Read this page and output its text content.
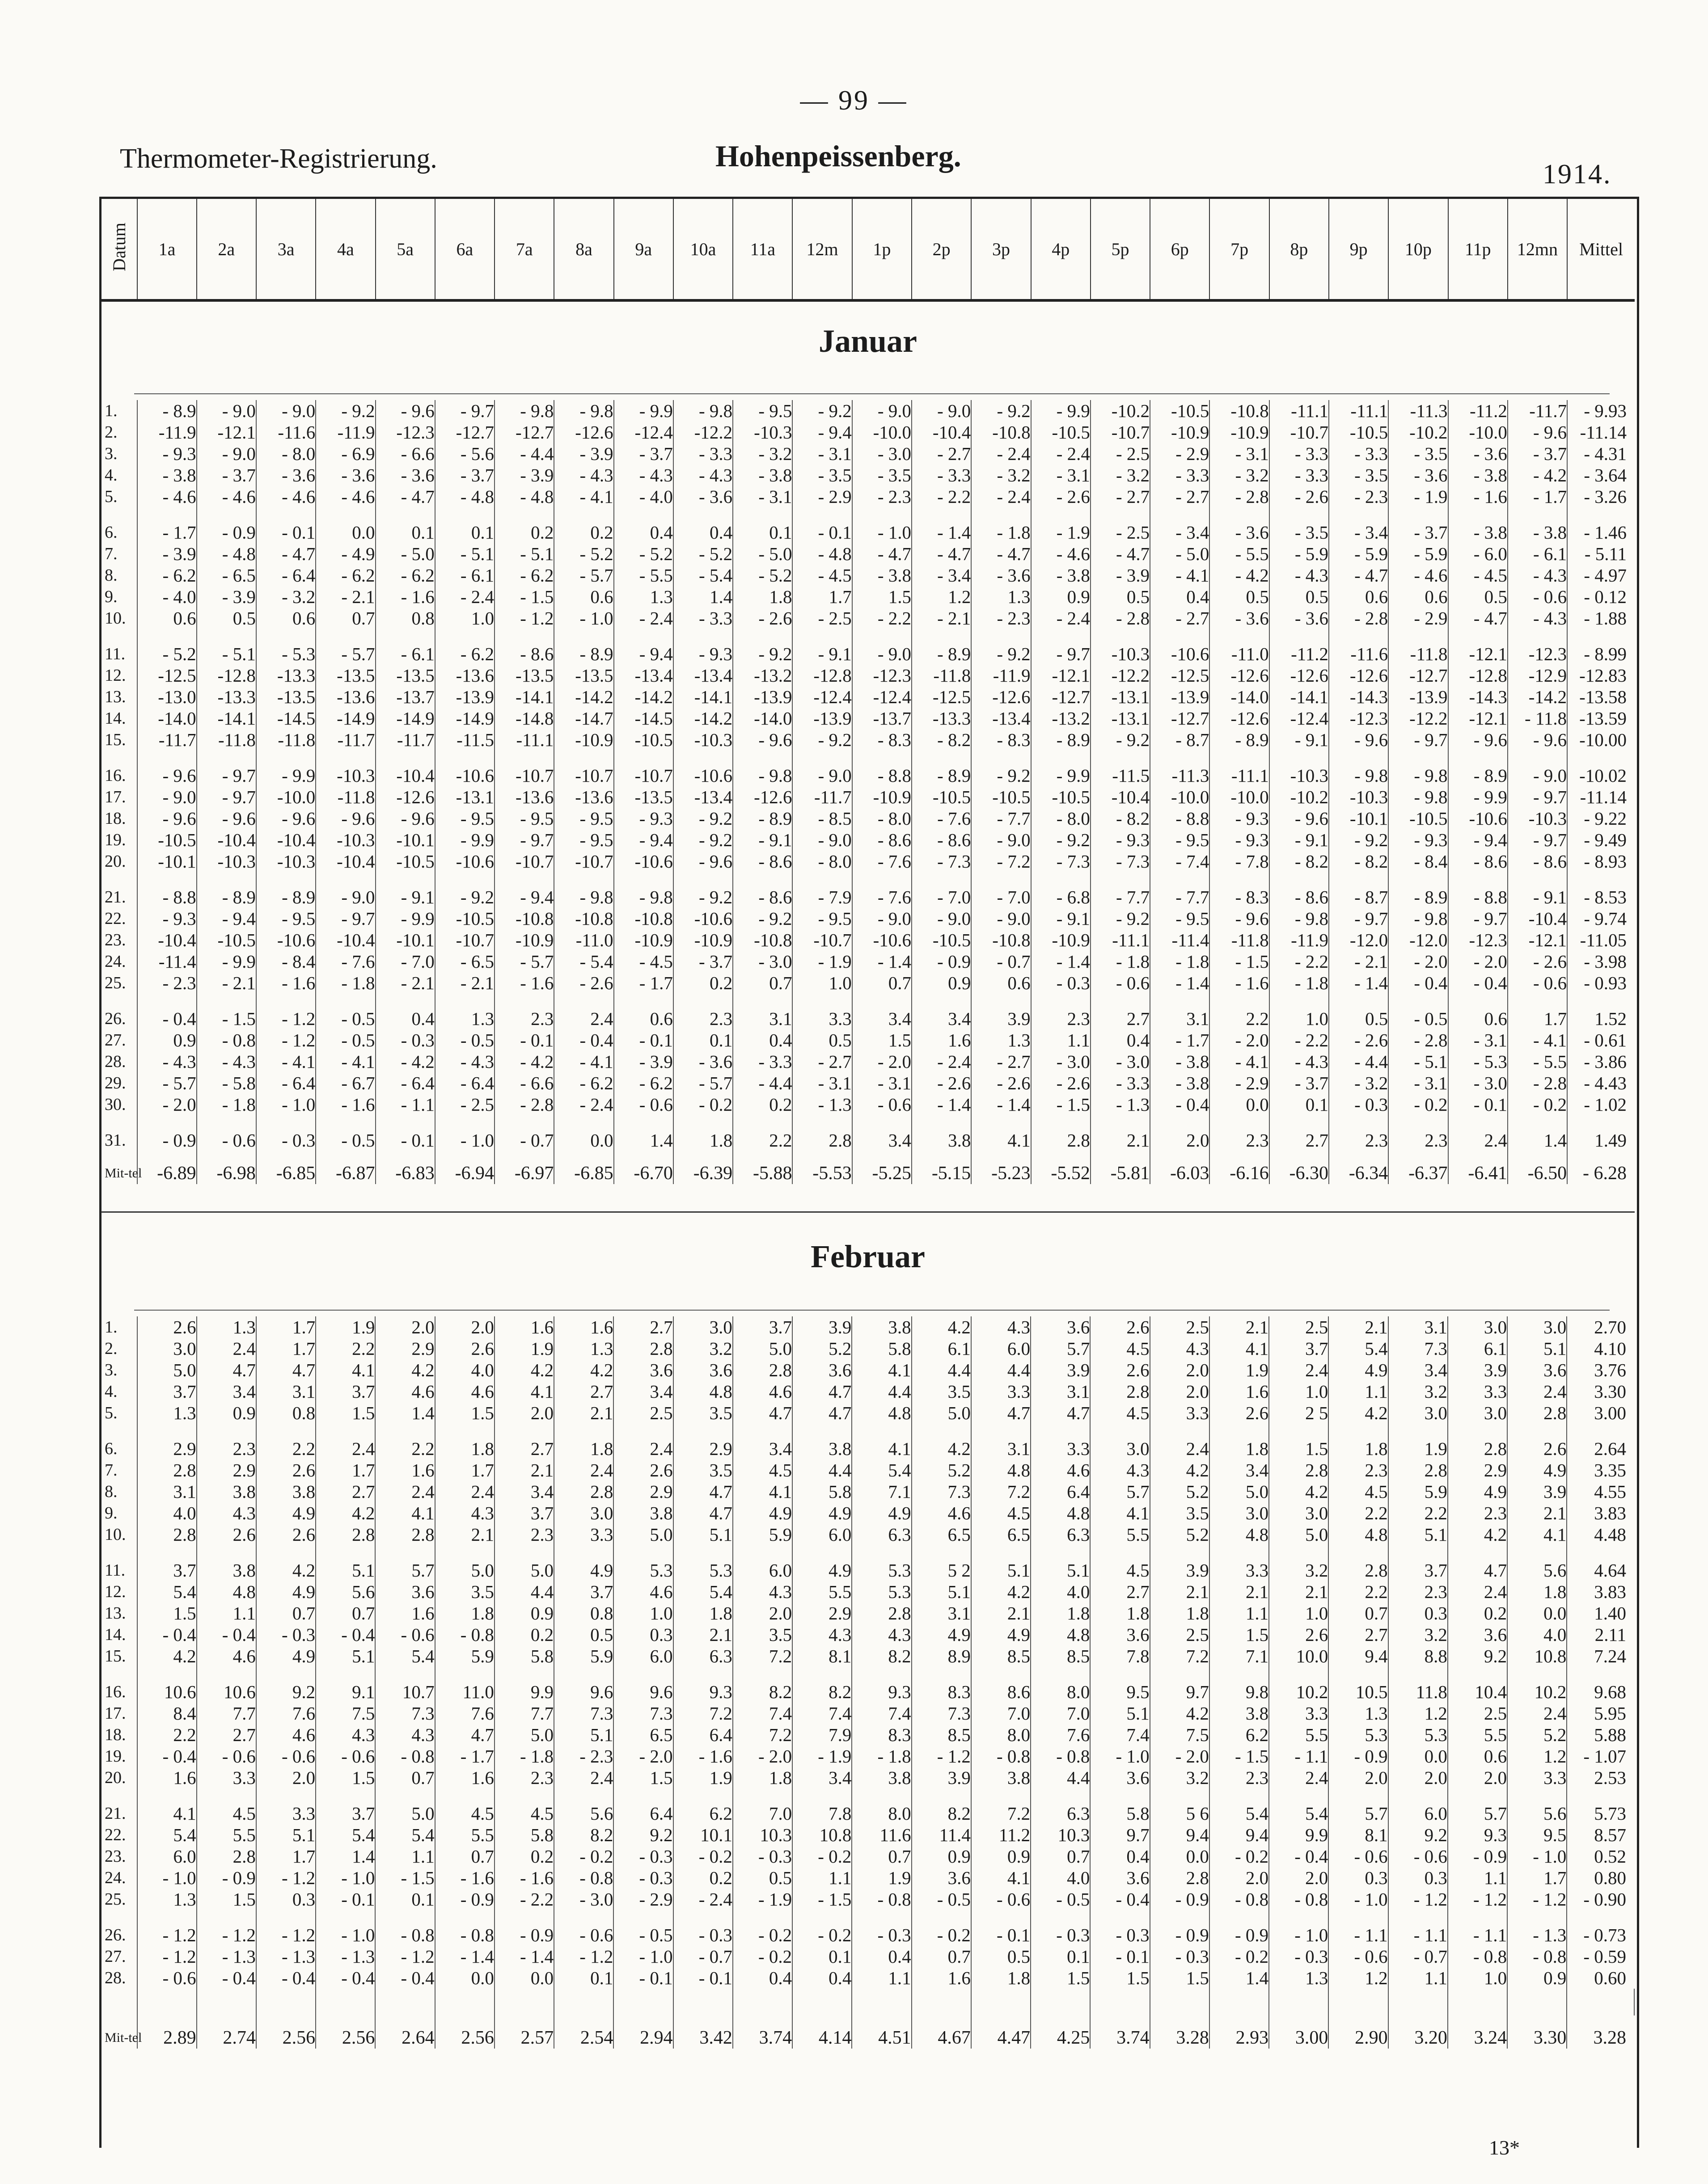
— 99 —
Thermometer-Registrierung.	Hohenpeissenberg.
1914.
Datum	1a	2a	3a	4a	5a	6a	7a	8a	9a	10a	11a	12m	1p	2p	3p	4p	5p	6p	7p	8p	9p	10p	11p	12mn	Mittel
Januar
1.	- 8.9	- 9.0	- 9.0	- 9.2	- 9.6	- 9.7	- 9.8	- 9.8	- 9.9	- 9.8	- 9.5	- 9.2	- 9.0	- 9.0	- 9.2	- 9.9	-10.2	-10.5	-10.8	-11.1	-11.1	-11.3	-11.2	-11.7	- 9.93
2.	-11.9	-12.1	-11.6	-11.9	-12.3	-12.7	-12.7	-12.6	-12.4	-12.2	-10.3	- 9.4	-10.0	-10.4	-10.8	-10.5	-10.7	-10.9	-10.9	-10.7	-10.5	-10.2	-10.0	- 9.6	-11.14
3.	- 9.3	- 9.0	- 8.0	- 6.9	- 6.6	- 5.6	- 4.4	- 3.9	- 3.7	- 3.3	- 3.2	- 3.1	- 3.0	- 2.7	- 2.4	- 2.4	- 2.5	- 2.9	- 3.1	- 3.3	- 3.3	- 3.5	- 3.6	- 3.7	- 4.31
4.	- 3.8	- 3.7	- 3.6	- 3.6	- 3.6	- 3.7	- 3.9	- 4.3	- 4.3	- 4.3	- 3.8	- 3.5	- 3.5	- 3.3	- 3.2	- 3.1	- 3.2	- 3.3	- 3.2	- 3.3	- 3.5	- 3.6	- 3.8	- 4.2	- 3.64
5.	- 4.6	- 4.6	- 4.6	- 4.6	- 4.7	- 4.8	- 4.8	- 4.1	- 4.0	- 3.6	- 3.1	- 2.9	- 2.3	- 2.2	- 2.4	- 2.6	- 2.7	- 2.7	- 2.8	- 2.6	- 2.3	- 1.9	- 1.6	- 1.7	- 3.26
6.	- 1.7	- 0.9	- 0.1	0.0	0.1	0.1	0.2	0.2	0.4	0.4	0.1	- 0.1	- 1.0	- 1.4	- 1.8	- 1.9	- 2.5	- 3.4	- 3.6	- 3.5	- 3.4	- 3.7	- 3.8	- 3.8	- 1.46
7.	- 3.9	- 4.8	- 4.7	- 4.9	- 5.0	- 5.1	- 5.1	- 5.2	- 5.2	- 5.2	- 5.0	- 4.8	- 4.7	- 4.7	- 4.7	- 4.6	- 4.7	- 5.0	- 5.5	- 5.9	- 5.9	- 5.9	- 6.0	- 6.1	- 5.11
8.	- 6.2	- 6.5	- 6.4	- 6.2	- 6.2	- 6.1	- 6.2	- 5.7	- 5.5	- 5.4	- 5.2	- 4.5	- 3.8	- 3.4	- 3.6	- 3.8	- 3.9	- 4.1	- 4.2	- 4.3	- 4.7	- 4.6	- 4.5	- 4.3	- 4.97
9.	- 4.0	- 3.9	- 3.2	- 2.1	- 1.6	- 2.4	- 1.5	0.6	1.3	1.4	1.8	1.7	1.5	1.2	1.3	0.9	0.5	0.4	0.5	0.5	0.6	0.6	0.5	- 0.6	- 0.12
10.	0.6	0.5	0.6	0.7	0.8	1.0	- 1.2	- 1.0	- 2.4	- 3.3	- 2.6	- 2.5	- 2.2	- 2.1	- 2.3	- 2.4	- 2.8	- 2.7	- 3.6	- 3.6	- 2.8	- 2.9	- 4.7	- 4.3	- 1.88
11.	- 5.2	- 5.1	- 5.3	- 5.7	- 6.1	- 6.2	- 8.6	- 8.9	- 9.4	- 9.3	- 9.2	- 9.1	- 9.0	- 8.9	- 9.2	- 9.7	-10.3	-10.6	-11.0	-11.2	-11.6	-11.8	-12.1	-12.3	- 8.99
12.	-12.5	-12.8	-13.3	-13.5	-13.5	-13.6	-13.5	-13.5	-13.4	-13.4	-13.2	-12.8	-12.3	-11.8	-11.9	-12.1	-12.2	-12.5	-12.6	-12.6	-12.6	-12.7	-12.8	-12.9	-12.83
13.	-13.0	-13.3	-13.5	-13.6	-13.7	-13.9	-14.1	-14.2	-14.2	-14.1	-13.9	-12.4	-12.4	-12.5	-12.6	-12.7	-13.1	-13.9	-14.0	-14.1	-14.3	-13.9	-14.3	-14.2	-13.58
14.	-14.0	-14.1	-14.5	-14.9	-14.9	-14.9	-14.8	-14.7	-14.5	-14.2	-14.0	-13.9	-13.7	-13.3	-13.4	-13.2	-13.1	-12.7	-12.6	-12.4	-12.3	-12.2	-12.1	- 11.8	-13.59
15.	-11.7	-11.8	-11.8	-11.7	-11.7	-11.5	-11.1	-10.9	-10.5	-10.3	- 9.6	- 9.2	- 8.3	- 8.2	- 8.3	- 8.9	- 9.2	- 8.7	- 8.9	- 9.1	- 9.6	- 9.7	- 9.6	- 9.6	-10.00
16.	- 9.6	- 9.7	- 9.9	-10.3	-10.4	-10.6	-10.7	-10.7	-10.7	-10.6	- 9.8	- 9.0	- 8.8	- 8.9	- 9.2	- 9.9	-11.5	-11.3	-11.1	-10.3	- 9.8	- 9.8	- 8.9	- 9.0	-10.02
17.	- 9.0	- 9.7	-10.0	-11.8	-12.6	-13.1	-13.6	-13.6	-13.5	-13.4	-12.6	-11.7	-10.9	-10.5	-10.5	-10.5	-10.4	-10.0	-10.0	-10.2	-10.3	- 9.8	- 9.9	- 9.7	-11.14
18.	- 9.6	- 9.6	- 9.6	- 9.6	- 9.6	- 9.5	- 9.5	- 9.5	- 9.3	- 9.2	- 8.9	- 8.5	- 8.0	- 7.6	- 7.7	- 8.0	- 8.2	- 8.8	- 9.3	- 9.6	-10.1	-10.5	-10.6	-10.3	- 9.22
19.	-10.5	-10.4	-10.4	-10.3	-10.1	- 9.9	- 9.7	- 9.5	- 9.4	- 9.2	- 9.1	- 9.0	- 8.6	- 8.6	- 9.0	- 9.2	- 9.3	- 9.5	- 9.3	- 9.1	- 9.2	- 9.3	- 9.4	- 9.7	- 9.49
20.	-10.1	-10.3	-10.3	-10.4	-10.5	-10.6	-10.7	-10.7	-10.6	- 9.6	- 8.6	- 8.0	- 7.6	- 7.3	- 7.2	- 7.3	- 7.3	- 7.4	- 7.8	- 8.2	- 8.2	- 8.4	- 8.6	- 8.6	- 8.93
21.	- 8.8	- 8.9	- 8.9	- 9.0	- 9.1	- 9.2	- 9.4	- 9.8	- 9.8	- 9.2	- 8.6	- 7.9	- 7.6	- 7.0	- 7.0	- 6.8	- 7.7	- 7.7	- 8.3	- 8.6	- 8.7	- 8.9	- 8.8	- 9.1	- 8.53
22.	- 9.3	- 9.4	- 9.5	- 9.7	- 9.9	-10.5	-10.8	-10.8	-10.8	-10.6	- 9.2	- 9.5	- 9.0	- 9.0	- 9.0	- 9.1	- 9.2	- 9.5	- 9.6	- 9.8	- 9.7	- 9.8	- 9.7	-10.4	- 9.74
23.	-10.4	-10.5	-10.6	-10.4	-10.1	-10.7	-10.9	-11.0	-10.9	-10.9	-10.8	-10.7	-10.6	-10.5	-10.8	-10.9	-11.1	-11.4	-11.8	-11.9	-12.0	-12.0	-12.3	-12.1	-11.05
24.	-11.4	- 9.9	- 8.4	- 7.6	- 7.0	- 6.5	- 5.7	- 5.4	- 4.5	- 3.7	- 3.0	- 1.9	- 1.4	- 0.9	- 0.7	- 1.4	- 1.8	- 1.8	- 1.5	- 2.2	- 2.1	- 2.0	- 2.0	- 2.6	- 3.98
25.	- 2.3	- 2.1	- 1.6	- 1.8	- 2.1	- 2.1	- 1.6	- 2.6	- 1.7	0.2	0.7	1.0	0.7	0.9	0.6	- 0.3	- 0.6	- 1.4	- 1.6	- 1.8	- 1.4	- 0.4	- 0.4	- 0.6	- 0.93
26.	- 0.4	- 1.5	- 1.2	- 0.5	0.4	1.3	2.3	2.4	0.6	2.3	3.1	3.3	3.4	3.4	3.9	2.3	2.7	3.1	2.2	1.0	0.5	- 0.5	0.6	1.7	1.52
27.	0.9	- 0.8	- 1.2	- 0.5	- 0.3	- 0.5	- 0.1	- 0.4	- 0.1	0.1	0.4	0.5	1.5	1.6	1.3	1.1	0.4	- 1.7	- 2.0	- 2.2	- 2.6	- 2.8	- 3.1	- 4.1	- 0.61
28.	- 4.3	- 4.3	- 4.1	- 4.1	- 4.2	- 4.3	- 4.2	- 4.1	- 3.9	- 3.6	- 3.3	- 2.7	- 2.0	- 2.4	- 2.7	- 3.0	- 3.0	- 3.8	- 4.1	- 4.3	- 4.4	- 5.1	- 5.3	- 5.5	- 3.86
29.	- 5.7	- 5.8	- 6.4	- 6.7	- 6.4	- 6.4	- 6.6	- 6.2	- 6.2	- 5.7	- 4.4	- 3.1	- 3.1	- 2.6	- 2.6	- 2.6	- 3.3	- 3.8	- 2.9	- 3.7	- 3.2	- 3.1	- 3.0	- 2.8	- 4.43
30.	- 2.0	- 1.8	- 1.0	- 1.6	- 1.1	- 2.5	- 2.8	- 2.4	- 0.6	- 0.2	0.2	- 1.3	- 0.6	- 1.4	- 1.4	- 1.5	- 1.3	- 0.4	0.0	0.1	- 0.3	- 0.2	- 0.1	- 0.2	- 1.02
31.	- 0.9	- 0.6	- 0.3	- 0.5	- 0.1	- 1.0	- 0.7	0.0	1.4	1.8	2.2	2.8	3.4	3.8	4.1	2.8	2.1	2.0	2.3	2.7	2.3	2.3	2.4	1.4	1.49
Mit-tel	-6.89	-6.98	-6.85	-6.87	-6.83	-6.94	-6.97	-6.85	-6.70	-6.39	-5.88	-5.53	-5.25	-5.15	-5.23	-5.52	-5.81	-6.03	-6.16	-6.30	-6.34	-6.37	-6.41	-6.50	- 6.28
Februar
1.	2.6	1.3	1.7	1.9	2.0	2.0	1.6	1.6	2.7	3.0	3.7	3.9	3.8	4.2	4.3	3.6	2.6	2.5	2.1	2.5	2.1	3.1	3.0	3.0	2.70
2.	3.0	2.4	1.7	2.2	2.9	2.6	1.9	1.3	2.8	3.2	5.0	5.2	5.8	6.1	6.0	5.7	4.5	4.3	4.1	3.7	5.4	7.3	6.1	5.1	4.10
3.	5.0	4.7	4.7	4.1	4.2	4.0	4.2	4.2	3.6	3.6	2.8	3.6	4.1	4.4	4.4	3.9	2.6	2.0	1.9	2.4	4.9	3.4	3.9	3.6	3.76
4.	3.7	3.4	3.1	3.7	4.6	4.6	4.1	2.7	3.4	4.8	4.6	4.7	4.4	3.5	3.3	3.1	2.8	2.0	1.6	1.0	1.1	3.2	3.3	2.4	3.30
5.	1.3	0.9	0.8	1.5	1.4	1.5	2.0	2.1	2.5	3.5	4.7	4.7	4.8	5.0	4.7	4.7	4.5	3.3	2.6	2 5	4.2	3.0	3.0	2.8	3.00
6.	2.9	2.3	2.2	2.4	2.2	1.8	2.7	1.8	2.4	2.9	3.4	3.8	4.1	4.2	3.1	3.3	3.0	2.4	1.8	1.5	1.8	1.9	2.8	2.6	2.64
7.	2.8	2.9	2.6	1.7	1.6	1.7	2.1	2.4	2.6	3.5	4.5	4.4	5.4	5.2	4.8	4.6	4.3	4.2	3.4	2.8	2.3	2.8	2.9	4.9	3.35
8.	3.1	3.8	3.8	2.7	2.4	2.4	3.4	2.8	2.9	4.7	4.1	5.8	7.1	7.3	7.2	6.4	5.7	5.2	5.0	4.2	4.5	5.9	4.9	3.9	4.55
9.	4.0	4.3	4.9	4.2	4.1	4.3	3.7	3.0	3.8	4.7	4.9	4.9	4.9	4.6	4.5	4.8	4.1	3.5	3.0	3.0	2.2	2.2	2.3	2.1	3.83
10.	2.8	2.6	2.6	2.8	2.8	2.1	2.3	3.3	5.0	5.1	5.9	6.0	6.3	6.5	6.5	6.3	5.5	5.2	4.8	5.0	4.8	5.1	4.2	4.1	4.48
11.	3.7	3.8	4.2	5.1	5.7	5.0	5.0	4.9	5.3	5.3	6.0	4.9	5.3	5 2	5.1	5.1	4.5	3.9	3.3	3.2	2.8	3.7	4.7	5.6	4.64
12.	5.4	4.8	4.9	5.6	3.6	3.5	4.4	3.7	4.6	5.4	4.3	5.5	5.3	5.1	4.2	4.0	2.7	2.1	2.1	2.1	2.2	2.3	2.4	1.8	3.83
13.	1.5	1.1	0.7	0.7	1.6	1.8	0.9	0.8	1.0	1.8	2.0	2.9	2.8	3.1	2.1	1.8	1.8	1.8	1.1	1.0	0.7	0.3	0.2	0.0	1.40
14.	- 0.4	- 0.4	- 0.3	- 0.4	- 0.6	- 0.8	0.2	0.5	0.3	2.1	3.5	4.3	4.3	4.9	4.9	4.8	3.6	2.5	1.5	2.6	2.7	3.2	3.6	4.0	2.11
15.	4.2	4.6	4.9	5.1	5.4	5.9	5.8	5.9	6.0	6.3	7.2	8.1	8.2	8.9	8.5	8.5	7.8	7.2	7.1	10.0	9.4	8.8	9.2	10.8	7.24
16.	10.6	10.6	9.2	9.1	10.7	11.0	9.9	9.6	9.6	9.3	8.2	8.2	9.3	8.3	8.6	8.0	9.5	9.7	9.8	10.2	10.5	11.8	10.4	10.2	9.68
17.	8.4	7.7	7.6	7.5	7.3	7.6	7.7	7.3	7.3	7.2	7.4	7.4	7.4	7.3	7.0	7.0	5.1	4.2	3.8	3.3	1.3	1.2	2.5	2.4	5.95
18.	2.2	2.7	4.6	4.3	4.3	4.7	5.0	5.1	6.5	6.4	7.2	7.9	8.3	8.5	8.0	7.6	7.4	7.5	6.2	5.5	5.3	5.3	5.5	5.2	5.88
19.	- 0.4	- 0.6	- 0.6	- 0.6	- 0.8	- 1.7	- 1.8	- 2.3	- 2.0	- 1.6	- 2.0	- 1.9	- 1.8	- 1.2	- 0.8	- 0.8	- 1.0	- 2.0	- 1.5	- 1.1	- 0.9	0.0	0.6	1.2	- 1.07
20.	1.6	3.3	2.0	1.5	0.7	1.6	2.3	2.4	1.5	1.9	1.8	3.4	3.8	3.9	3.8	4.4	3.6	3.2	2.3	2.4	2.0	2.0	2.0	3.3	2.53
21.	4.1	4.5	3.3	3.7	5.0	4.5	4.5	5.6	6.4	6.2	7.0	7.8	8.0	8.2	7.2	6.3	5.8	5 6	5.4	5.4	5.7	6.0	5.7	5.6	5.73
22.	5.4	5.5	5.1	5.4	5.4	5.5	5.8	8.2	9.2	10.1	10.3	10.8	11.6	11.4	11.2	10.3	9.7	9.4	9.4	9.9	8.1	9.2	9.3	9.5	8.57
23.	6.0	2.8	1.7	1.4	1.1	0.7	0.2	- 0.2	- 0.3	- 0.2	- 0.3	- 0.2	0.7	0.9	0.9	0.7	0.4	0.0	- 0.2	- 0.4	- 0.6	- 0.6	- 0.9	- 1.0	0.52
24.	- 1.0	- 0.9	- 1.2	- 1.0	- 1.5	- 1.6	- 1.6	- 0.8	- 0.3	0.2	0.5	1.1	1.9	3.6	4.1	4.0	3.6	2.8	2.0	2.0	0.3	0.3	1.1	1.7	0.80
25.	1.3	1.5	0.3	- 0.1	0.1	- 0.9	- 2.2	- 3.0	- 2.9	- 2.4	- 1.9	- 1.5	- 0.8	- 0.5	- 0.6	- 0.5	- 0.4	- 0.9	- 0.8	- 0.8	- 1.0	- 1.2	- 1.2	- 1.2	- 0.90
26.	- 1.2	- 1.2	- 1.2	- 1.0	- 0.8	- 0.8	- 0.9	- 0.6	- 0.5	- 0.3	- 0.2	- 0.2	- 0.3	- 0.2	- 0.1	- 0.3	- 0.3	- 0.9	- 0.9	- 1.0	- 1.1	- 1.1	- 1.1	- 1.3	- 0.73
27.	- 1.2	- 1.3	- 1.3	- 1.3	- 1.2	- 1.4	- 1.4	- 1.2	- 1.0	- 0.7	- 0.2	0.1	0.4	0.7	0.5	0.1	- 0.1	- 0.3	- 0.2	- 0.3	- 0.6	- 0.7	- 0.8	- 0.8	- 0.59
28.	- 0.6	- 0.4	- 0.4	- 0.4	- 0.4	0.0	0.0	0.1	- 0.1	- 0.1	0.4	0.4	1.1	1.6	1.8	1.5	1.5	1.5	1.4	1.3	1.2	1.1	1.0	0.9	0.60

Mit-tel	2.89	2.74	2.56	2.56	2.64	2.56	2.57	2.54	2.94	3.42	3.74	4.14	4.51	4.67	4.47	4.25	3.74	3.28	2.93	3.00	2.90	3.20	3.24	3.30	3.28
13*
